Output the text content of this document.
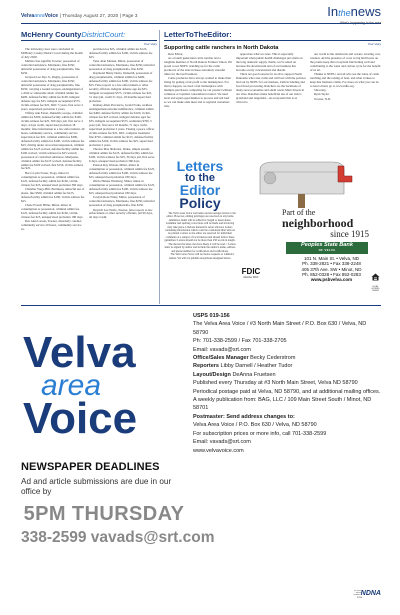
VelvaareaVoice | Thursday August 27, 2020 | Page 3	Inthenews
McHenry CountyDistrictCourt:
Your story

The following cases were concluded in McHenry County District Court during the month of July 2020:

Melissa Sue Agnifili, Towner; possession of controlled substance, Marijuana, fine $250; unlawful possession of drug paraphernalia, fine $250.

Grayson Lee Dye Jr., Rugby, possession of controlled substance, Marijuana, fine $250; unlawful possession of drug paraphernalia, fine $250; carrying a loaded weapon, endangerment of a child or vulnerable adult; criminal admin fee $400, defense/facility admin fee $100, indigent defense app fee $35, indigent recoupment $575, victim-witness fee $25, DOC 5 years, first serve 2 years, supervised probation 2 years.

Tiffany Ann Eaton, Dunseith; escape, criminal admin fee $300, defense/facility admin fee $100, victim-witness fee $25, 360 days jail, first serve 4 days, 4 days credit, supervised probation 18 months; false information to a law enforcement, 40 hours community service, community service supervision fee $25, criminal admin fee $300, defense/facility admin fee $100, victim-witness fee $25; driving under revocation/suspension, criminal admin fee $125 waived, defense/facility admin fee $100 waived, victim-witness fee $25 waived; possession of controlled substance, Marijuana, criminal admin fee $125 waived, defense/facility admin fee $100 waived, fine $150, victim-witness fee $25.

Becca Lynn Foster, Tioga, minor in consumption or possession, criminal admin fee $125, defense/facility admin fee $100, victim-witness fee $25, unsupervised probation 360 days.

Chandler Vargo Hill, Bottineau, unlawful use of plates, fine $500, criminal admin fee $125, defense/facility admin fee $100, victim-witness fee $25.

Chase Everett Hiller, Minot, minor in consumption or possession, criminal admin fee $125, defense/facility admin fee $100, victim-witness fee $25, unsupervised probation 180 days.

Rex Alan Larson, Towner, disorderly conduct, community service 20 hours, community service su-

pervision fee $25, criminal admin fee $125, defense/facility admin fee $100, victim-witness fee $25.

Tyler Alan Matzen, Minot, possession of controlled substance, Marijuana, fine $250; unlawful possession of drug paraphernalia, fine $250.

Raymond Henry Ouzts, Dunseith, possession of drug paraphernalia, criminal admin fee $400, defense/facility admin fee $100, victim-witness fee $25. False reports to a law enforcement or other security officials, indigent defense app fee $35, indigent recoupment $575, victim-witness fee $25, 51 days jail, credit 51 days, 18 months supervised probation.

Rodney Allen Provencio, Grand Forks, reckless endangerment-extreme indifference, criminal admin fee $400, defense/facility admin fee $100, victim-witness fee $25 waived, indigent defense appl fee $35, indigent recoupment $575, restitution $700, 5 years jail, first serve 18 months, 71 days credit, supervised probation 2 years. Fleeing a peace officer victim-witness fee $25, DUI, complete treatment, fine $750, criminal admin fee $125, defense/facility admin fee $100, victim-witness fee $25, supervised probation 2 years.

Theresa Mae Shabolez, Drake, simple assault, criminal admin fee $125, defense/facility admin fee $100, victim-witness fee $25, 30 days jail, first serve 6 days, unsupervised probation 360 days.

Preston Ray Watson, Minot, minor in consumption or possession, criminal admin fee $125, defense/facility admin fee $100, victim-witness fee $25, unsupervised probation 180 days.

Olivia Helene Weisberg, Minot, minor in consumption or possession, criminal admin fee $125, defense/facility admin fee $100, victim-witness fee $25, unsupervised probation 180 days.

Jocelyn Rose Wiley, Minot, possession of controlled substance, Marijuana, fine $250; unlawful possession of drug paraphernalia, fine $250.

Deyrich Lee Wolfe, Towner, false reports to law enforcement or other security officials, jail 90 days, 42 days credit.

LetterToTheEditor:
Your story
Supporting cattle ranchers in North Dakota

Dear Editor,

As a fourth generation cattle rancher and a longtime member of North Dakota Farmers Union, I'm proud to see NDFU standing up for the cattle producers of the state in these extremely stressful times for the beef business.

Cattle producers have always wanted to make their living by getting a fair profit to the marketplace. For that to happen, we need a fair marketplace with multiple purchasers competing for our product without collusion or lopsided consolidated control. We need level and equal opportunities to process and sell beef so we can make ends meet and to regional customers who

appreciate what we raise. This is especially important when public health challenges put strain on the long domestic supply chains, we've relied on because the downstream end of our business has become overly concentrated and distant.

There are good reasons for us all to support North Dakotans who raise cattle and will best with the policies laid out by NDFU for our markets, truth in labeling and food freed processing. Ranchers are the backbone of many rural economies and small towns Main Streets in our state. Ranchers make beneficial use of our state's grassland and rangeland—an ecosystem that is as critical to

our world as the rainforests and oceans. Grazing, rest, rotation, and the presence of cows as big herbivores on the prairie keep that ecosystem functioning well and contributing to the water and carbon cycle for the benefit of us all.

Thanks to NDFU, and all who see the value of cattle ranching and the raising of beef, and what it takes to keep that business viable. For more on what you can do to lend a hand, go to www.ndfu.org.

Sincerely,

Ryan Taylor

Towner, N.D.

Letters
to the
Editor
Policy

The Velva Area Voice welcomes and encourages letters to the editor. However, editing privileges are reserved on any items submitted. Items will be edited for length or usual abuse. Grammar and spelling corrections will be made and involving may take place. Libelous material is never allowed. Letters containing information which could be considered libel will not be printed. Letters to the editor are reserved for individual comment on a subject of local interest and should follow these guidelines: Letters should not be more than 250 words in length.

The shorter the letter, the more likely it will be read. • Letters must be signed by author and include the author's name, address and phone number for verification and verifications.

The Velva Area Voice will not honor requests to withhold names. We will not publish anonymous/unsigned letters.

Part of the
neighborhood
since 1915
Peoples State Bank
OF VELVA
101 N. Main St. • Velva, ND
Ph. 338-2821 • Fax 338-2248
405 37th Ave. SW • Minot, ND
Ph. 852-0328 • Fax 852-0283
www.psbvelva.com
FDIC
Member FDIC
EQUAL HOUSING LENDER
Velva
area
Voice
NEWSPAPER DEADLINES
Ad and article submissions are due in our office by
5PM THURSDAY
338-2599 vavads@srt.com
USPS 019-156
The Velva Area Voice / #3 North Main Street / P.O. Box 630 / Velva, ND 58790
Ph: 701-338-2599 / Fax 701-338-2705
Email: vavads@srt.com
Office/Sales Manager Becky Cederstrom
Reporters Libby Darnell / Heather Tudor
Layout/Design DeAnna Fruetsen
Published every Thursday at #3 North Main Street, Velva ND 58790
Periodical postage paid at Velva, ND 58790, and at additional mailing offices.
A weekly publication from: BAG, LLC / 109 Main Street South / Minot, ND 58701
Postmaster: Send address changes to:
Velva Area Voice / P.O. Box 630 / Velva, ND 58790
For subscription prices or more info, call 701-338-2599
Email: vavads@srt.com
www.velvavoice.com
an award-winning member of NDNA
NDNA
